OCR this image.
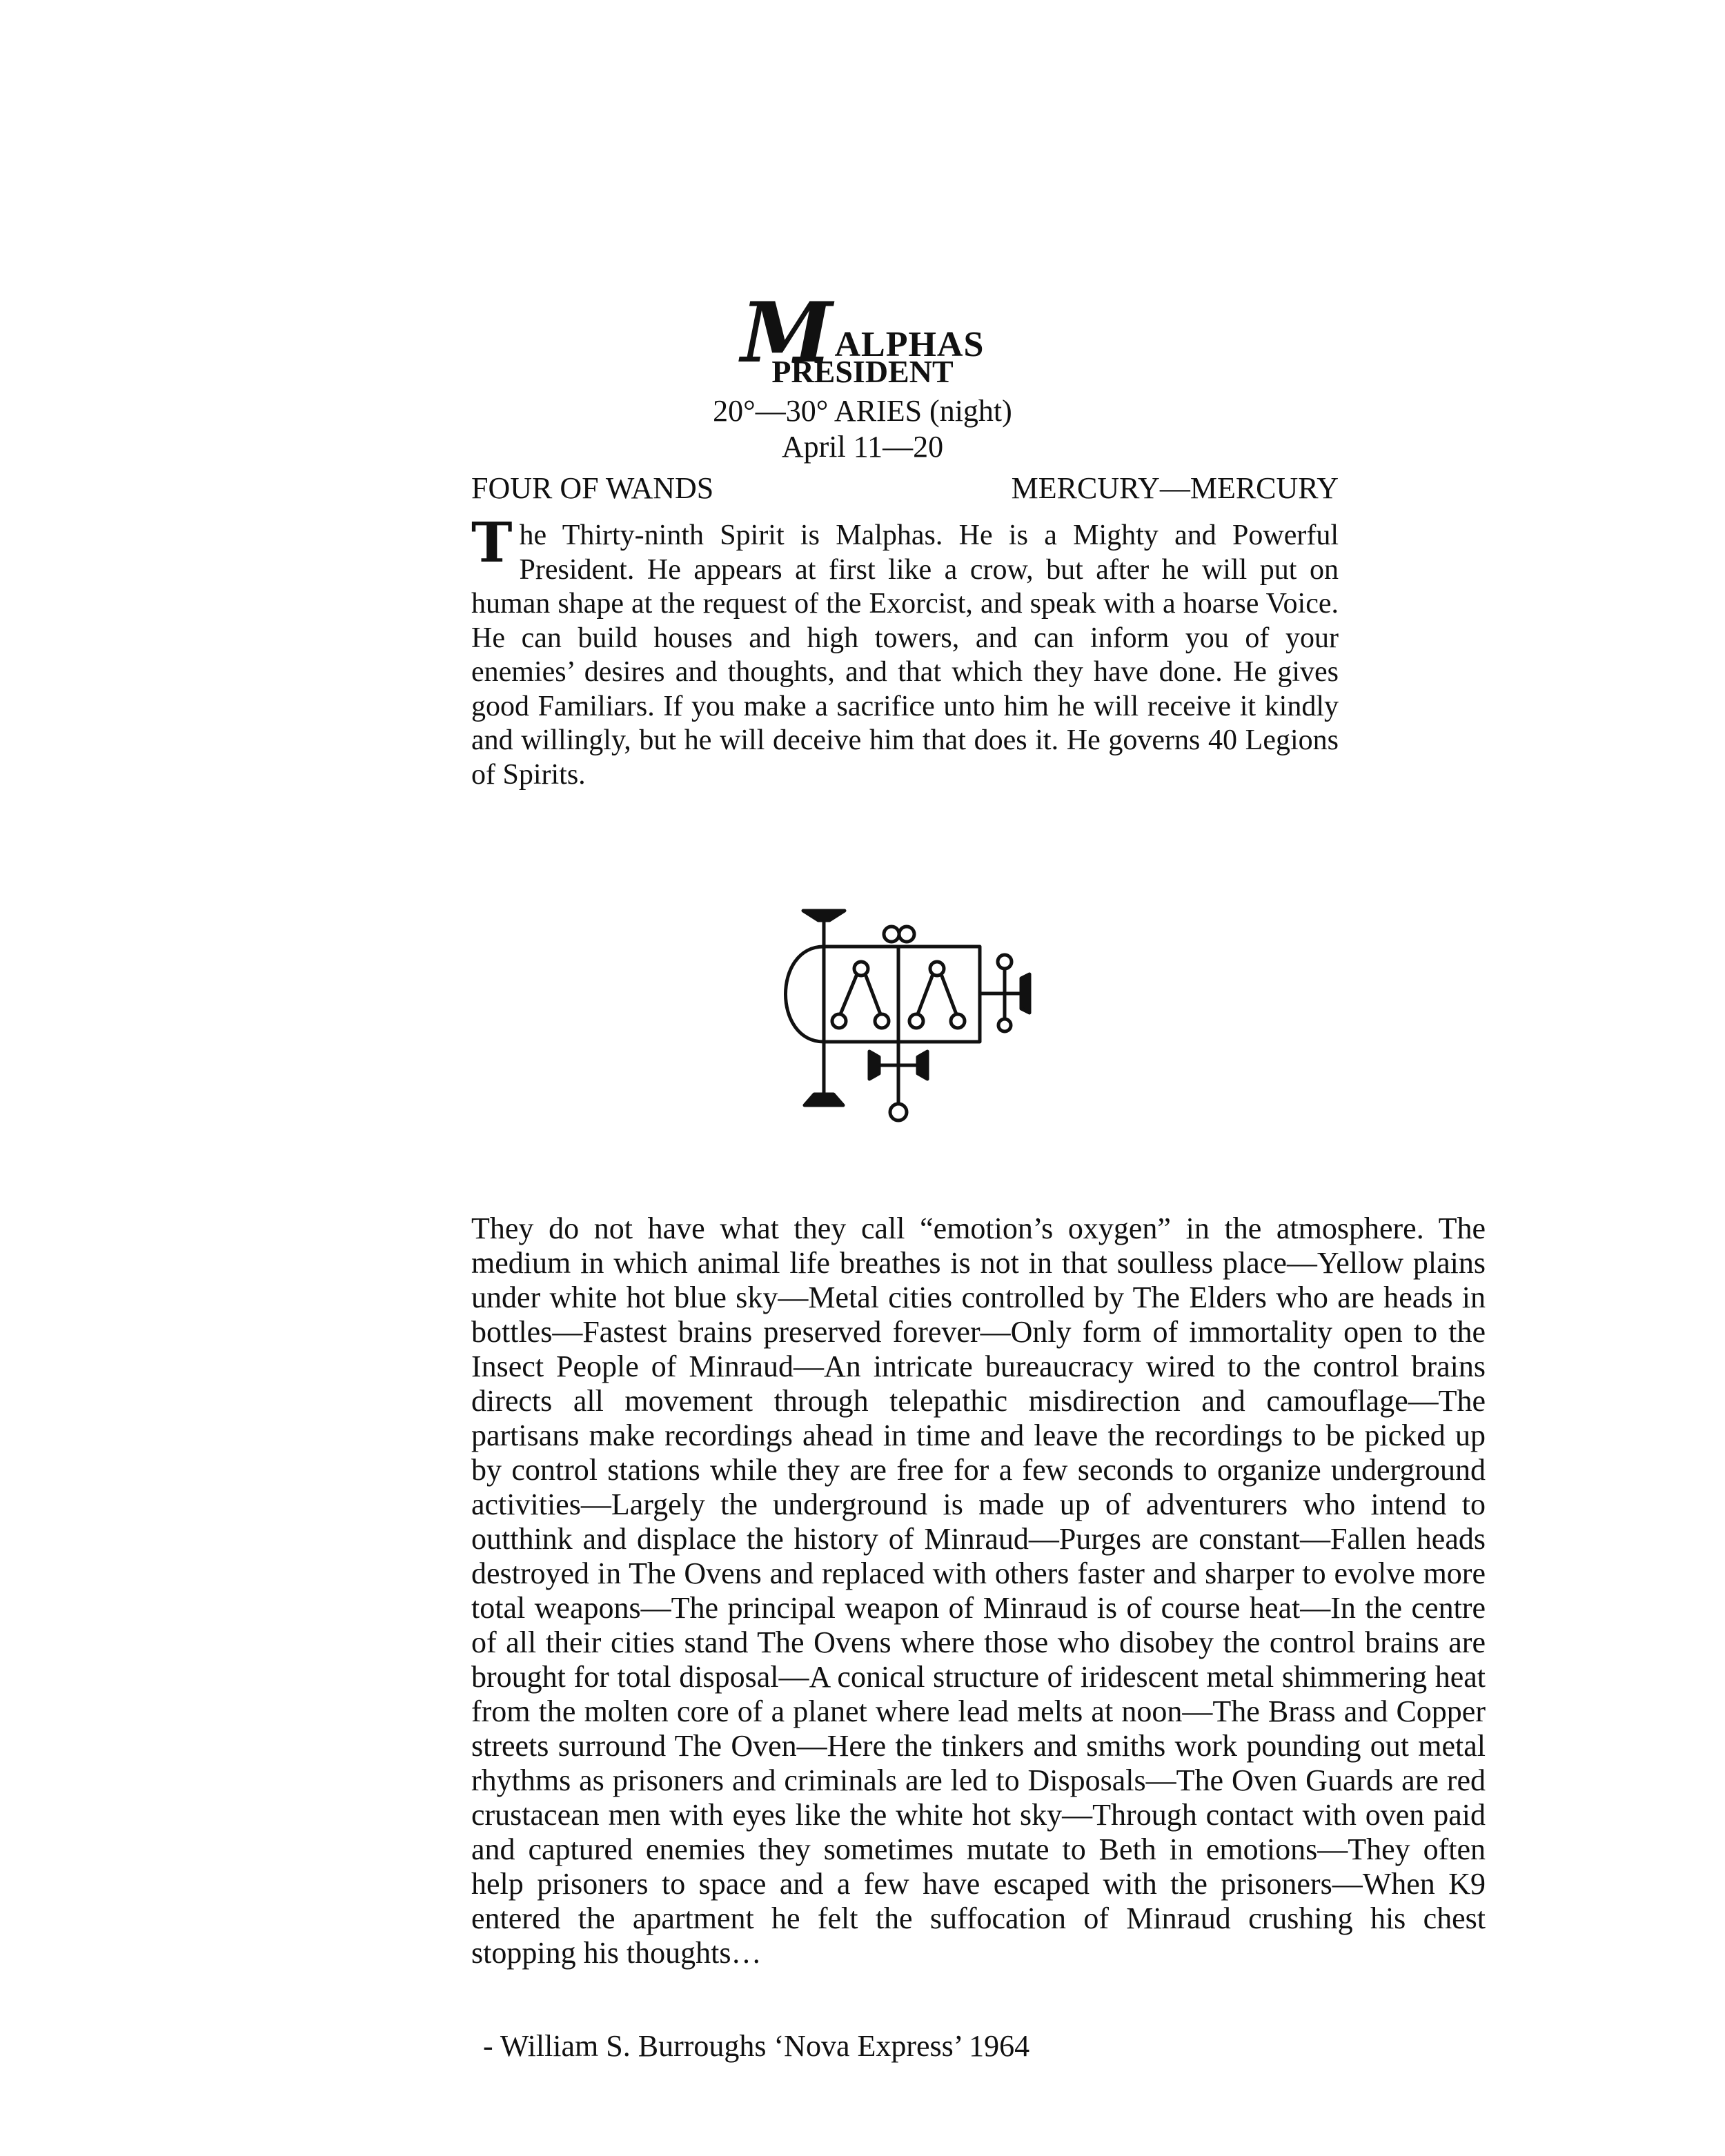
MALPHAS
PRESIDENT
20°—30° ARIES (night)
April 11—20
FOUR OF WANDS	MERCURY—MERCURY
The Thirty-ninth Spirit is Malphas. He is a Mighty and Powerful President. He appears at first like a crow, but after he will put on human shape at the request of the Exorcist, and speak with a hoarse Voice. He can build houses and high towers, and can inform you of your enemies’ desires and thoughts, and that which they have done. He gives good Familiars. If you make a sacrifice unto him he will receive it kindly and willingly, but he will deceive him that does it. He governs 40 Legions of Spirits.
They do not have what they call “emotion’s oxygen” in the atmosphere. The medium in which animal life breathes is not in that soulless place—Yellow plains under white hot blue sky—Metal cities controlled by The Elders who are heads in bottles—Fastest brains preserved forever—Only form of immortality open to the Insect People of Minraud—An intricate bureaucracy wired to the control brains directs all movement through telepathic misdirection and camouflage—The partisans make recordings ahead in time and leave the recordings to be picked up by control stations while they are free for a few seconds to organize underground activities—Largely the underground is made up of adventurers who intend to outthink and displace the history of Minraud—Purges are constant—Fallen heads destroyed in The Ovens and replaced with others faster and sharper to evolve more total weapons—The principal weapon of Minraud is of course heat—In the centre of all their cities stand The Ovens where those who disobey the control brains are brought for total disposal—A conical structure of iridescent metal shimmering heat from the molten core of a planet where lead melts at noon—The Brass and Copper streets surround The Oven—Here the tinkers and smiths work pounding out metal rhythms as prisoners and criminals are led to Disposals—The Oven Guards are red crustacean men with eyes like the white hot sky—Through contact with oven paid and captured enemies they sometimes mutate to Beth in emotions—They often help prisoners to space and a few have escaped with the prisoners—When K9 entered the apartment he felt the suffocation of Minraud crushing his chest stopping his thoughts…
- William S. Burroughs ‘Nova Express’ 1964
